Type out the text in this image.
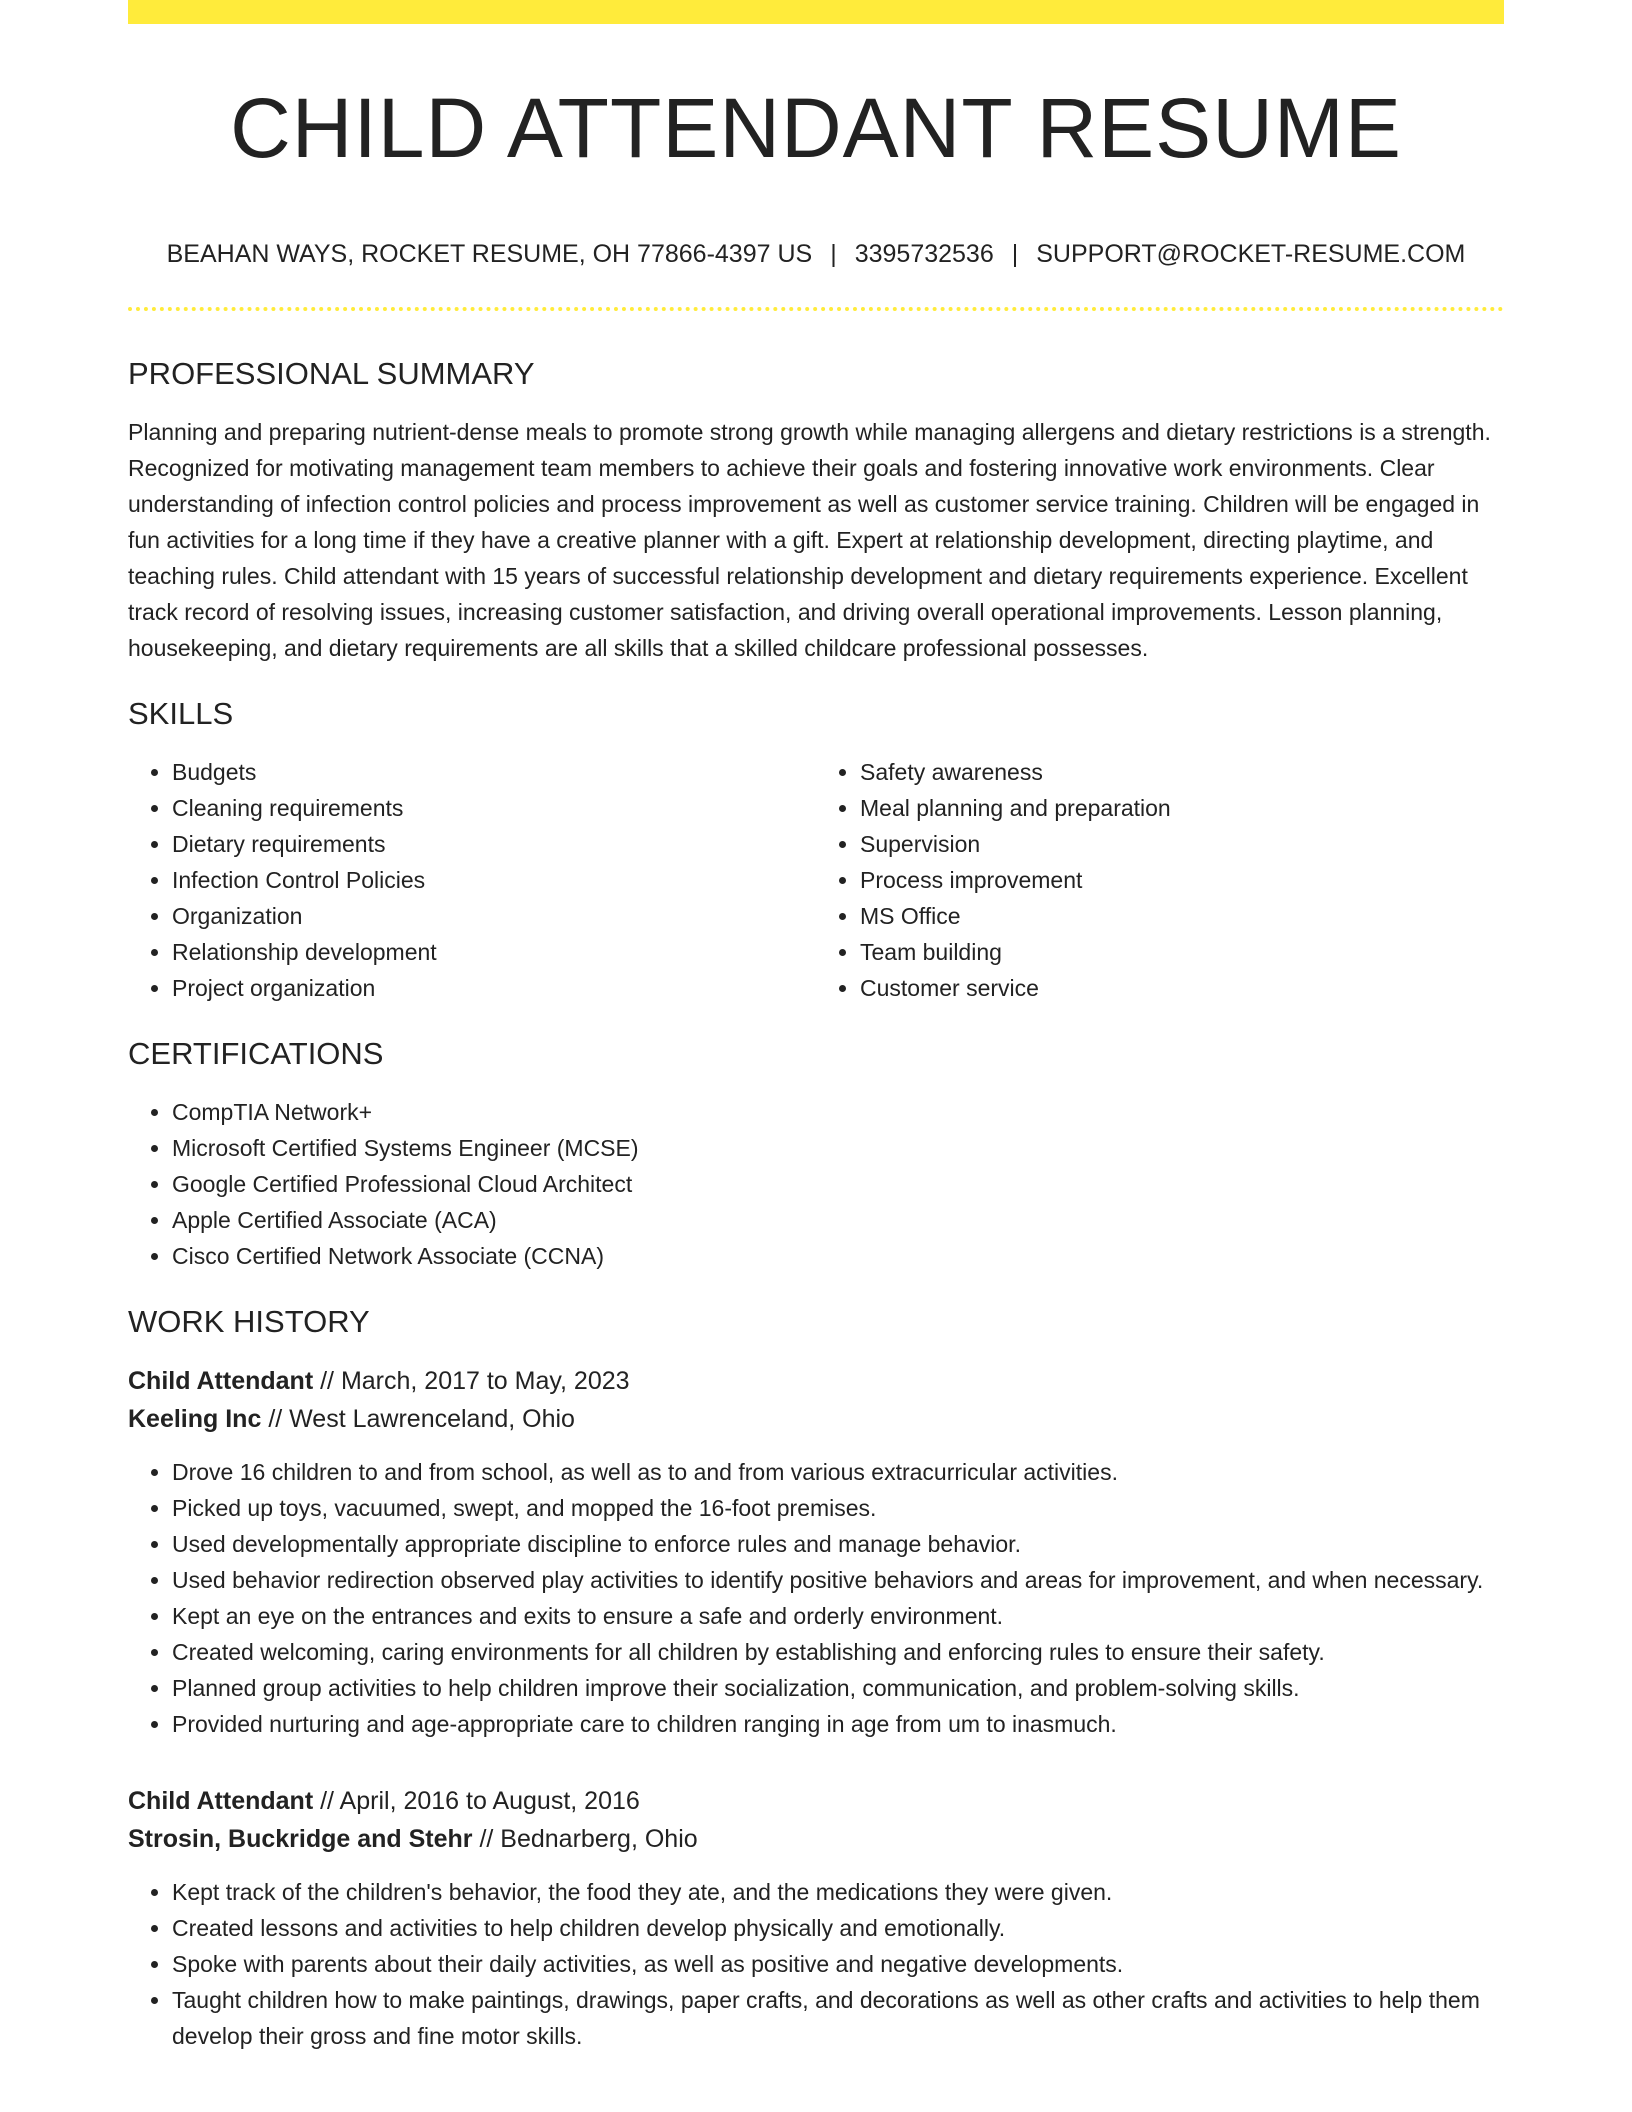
CHILD ATTENDANT RESUME
BEAHAN WAYS, ROCKET RESUME, OH 77866-4397 US | 3395732536 | SUPPORT@ROCKET-RESUME.COM
PROFESSIONAL SUMMARY

Planning and preparing nutrient-dense meals to promote strong growth while managing allergens and dietary restrictions is a strength. Recognized for motivating management team members to achieve their goals and fostering innovative work environments. Clear understanding of infection control policies and process improvement as well as customer service training. Children will be engaged in fun activities for a long time if they have a creative planner with a gift. Expert at relationship development, directing playtime, and teaching rules. Child attendant with 15 years of successful relationship development and dietary requirements experience. Excellent track record of resolving issues, increasing customer satisfaction, and driving overall operational improvements. Lesson planning, housekeeping, and dietary requirements are all skills that a skilled childcare professional possesses.

SKILLS
• Budgets
• Cleaning requirements
• Dietary requirements
• Infection Control Policies
• Organization
• Relationship development
• Project organization
• Safety awareness
• Meal planning and preparation
• Supervision
• Process improvement
• MS Office
• Team building
• Customer service
CERTIFICATIONS
• CompTIA Network+
• Microsoft Certified Systems Engineer (MCSE)
• Google Certified Professional Cloud Architect
• Apple Certified Associate (ACA)
• Cisco Certified Network Associate (CCNA)
WORK HISTORY
Child Attendant // March, 2017 to May, 2023
Keeling Inc // West Lawrenceland, Ohio
• Drove 16 children to and from school, as well as to and from various extracurricular activities.
• Picked up toys, vacuumed, swept, and mopped the 16-foot premises.
• Used developmentally appropriate discipline to enforce rules and manage behavior.
• Used behavior redirection observed play activities to identify positive behaviors and areas for improvement, and when necessary.
• Kept an eye on the entrances and exits to ensure a safe and orderly environment.
• Created welcoming, caring environments for all children by establishing and enforcing rules to ensure their safety.
• Planned group activities to help children improve their socialization, communication, and problem-solving skills.
• Provided nurturing and age-appropriate care to children ranging in age from um to inasmuch.
Child Attendant // April, 2016 to August, 2016
Strosin, Buckridge and Stehr // Bednarberg, Ohio
• Kept track of the children's behavior, the food they ate, and the medications they were given.
• Created lessons and activities to help children develop physically and emotionally.
• Spoke with parents about their daily activities, as well as positive and negative developments.
• Taught children how to make paintings, drawings, paper crafts, and decorations as well as other crafts and activities to help them develop their gross and fine motor skills.
